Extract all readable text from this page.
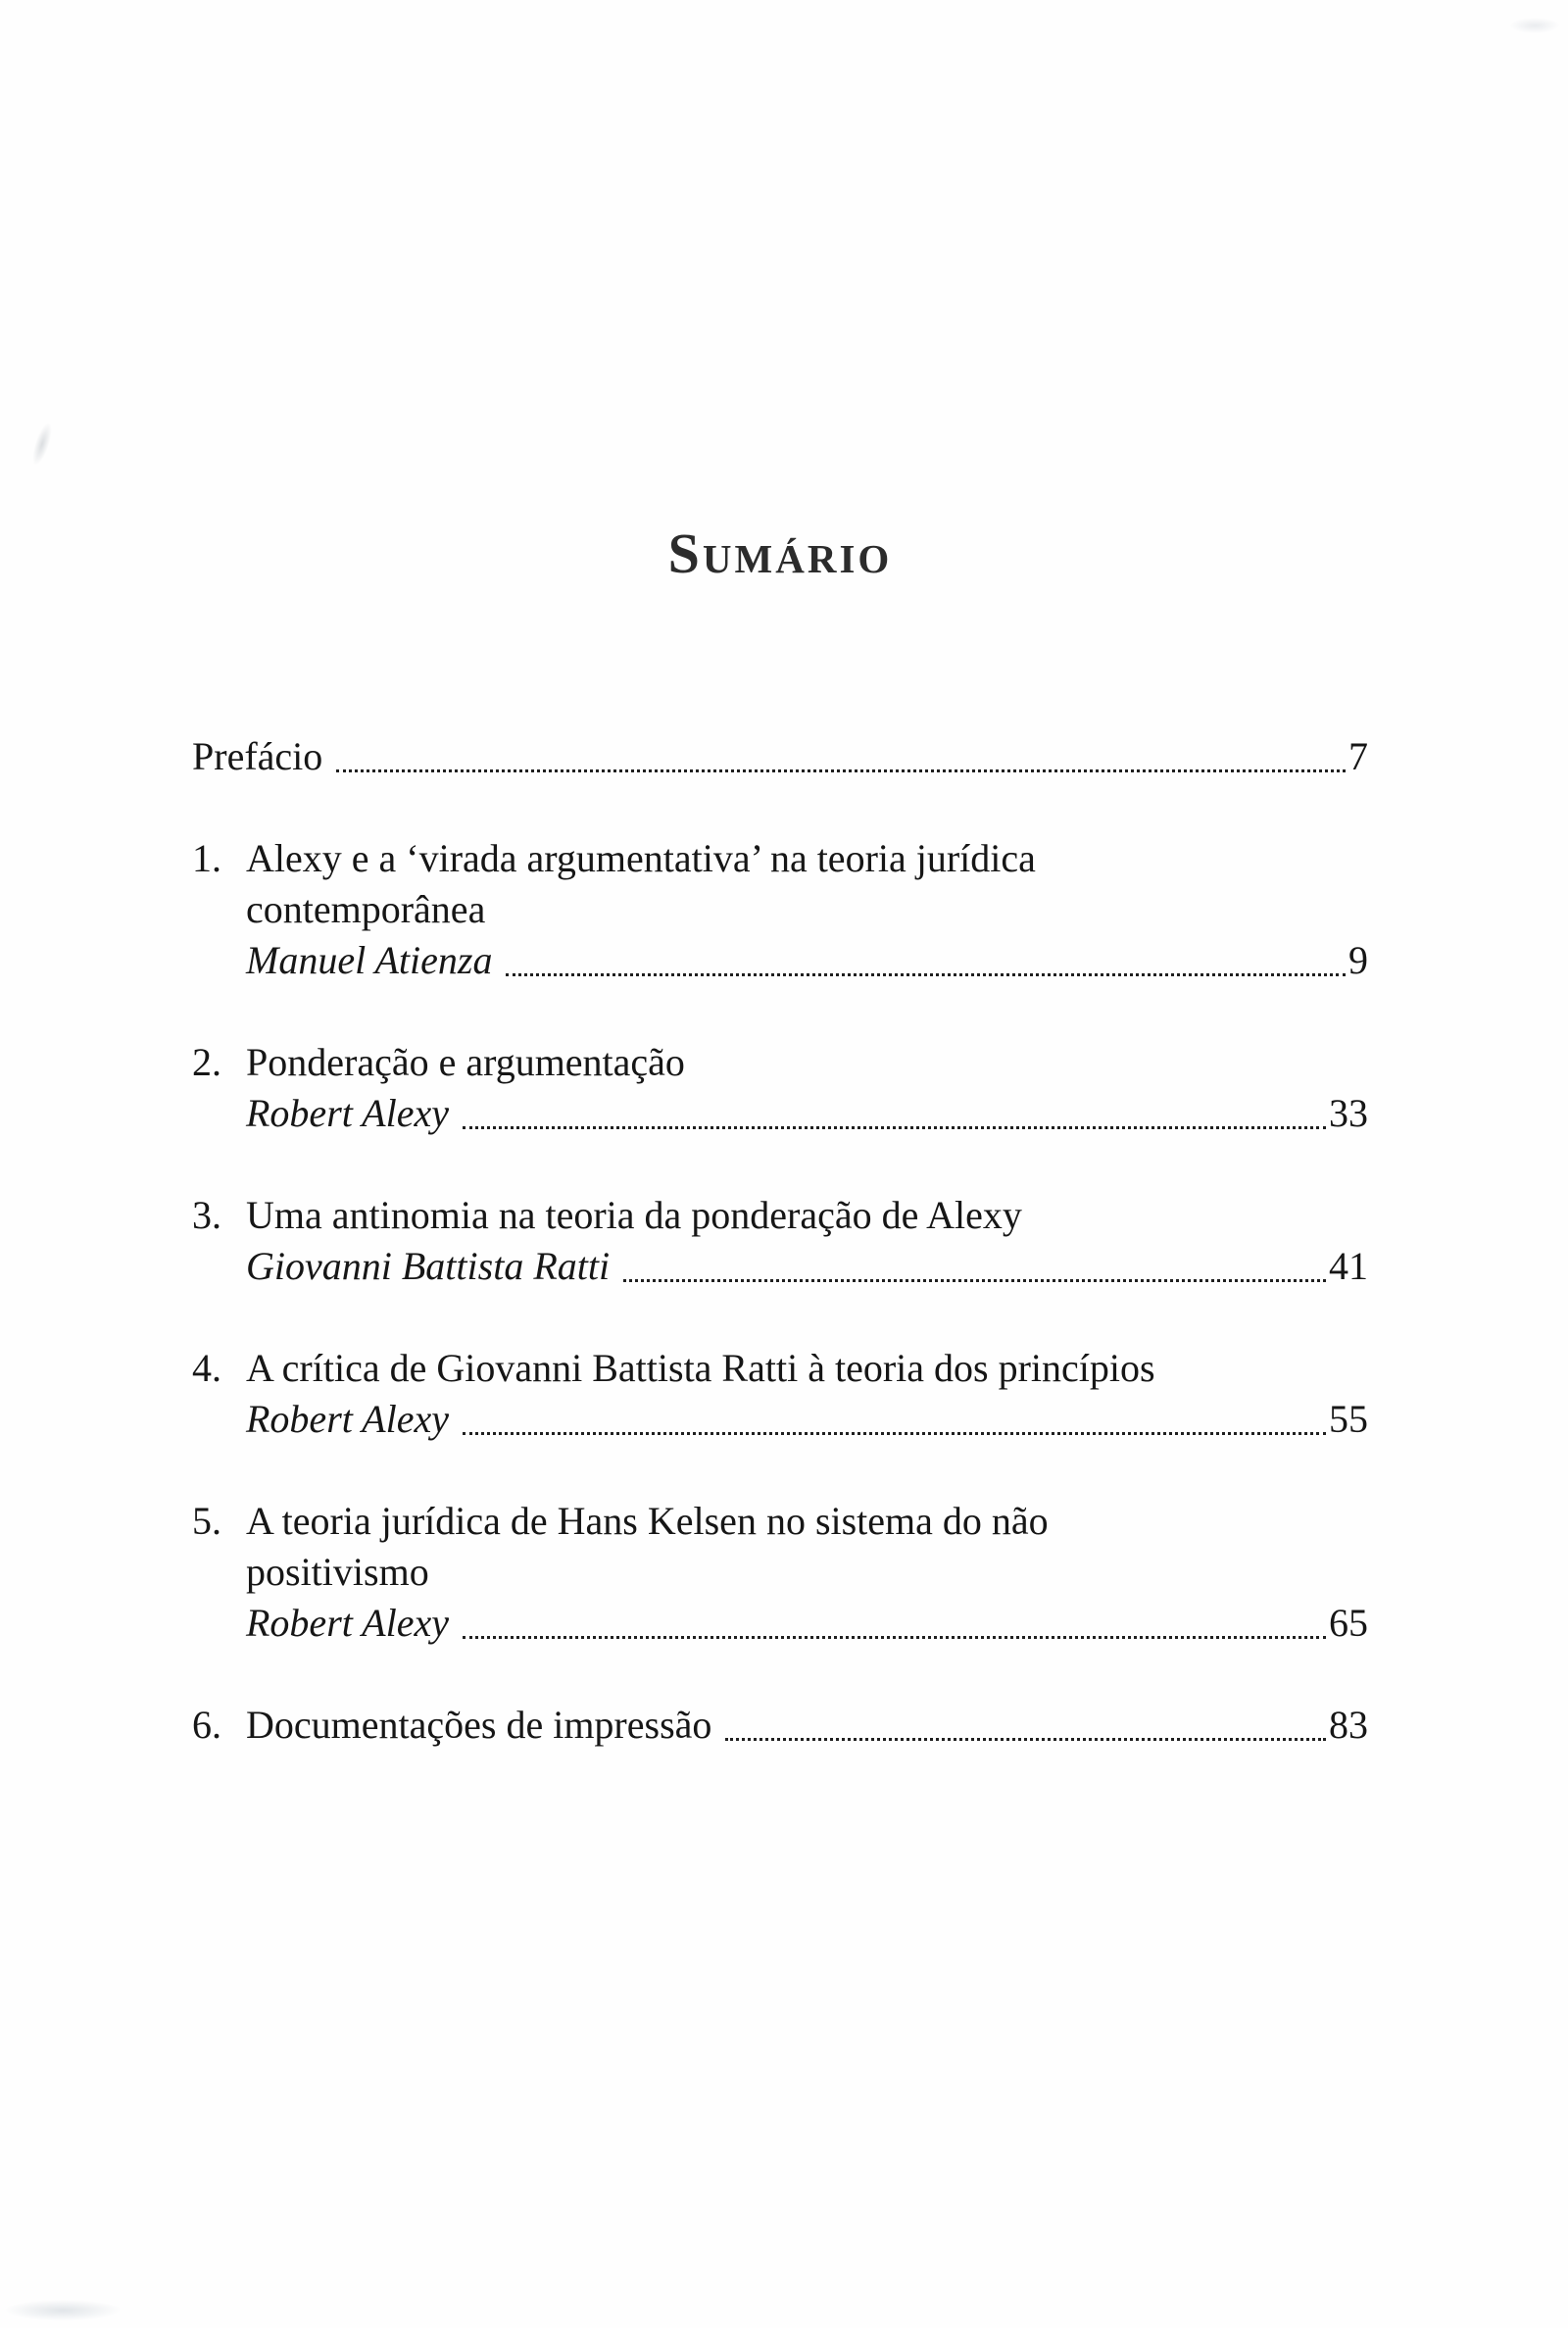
Sumário
Prefácio	7
1. Alexy e a ‘virada argumentativa’ na teoria jurídica
contemporânea
Manuel Atienza	9
2. Ponderação e argumentação
Robert Alexy	33
3. Uma antinomia na teoria da ponderação de Alexy
Giovanni Battista Ratti	41
4. A crítica de Giovanni Battista Ratti à teoria dos princípios
Robert Alexy	55
5. A teoria jurídica de Hans Kelsen no sistema do não
positivismo
Robert Alexy	65
6. Documentações de impressão	83
